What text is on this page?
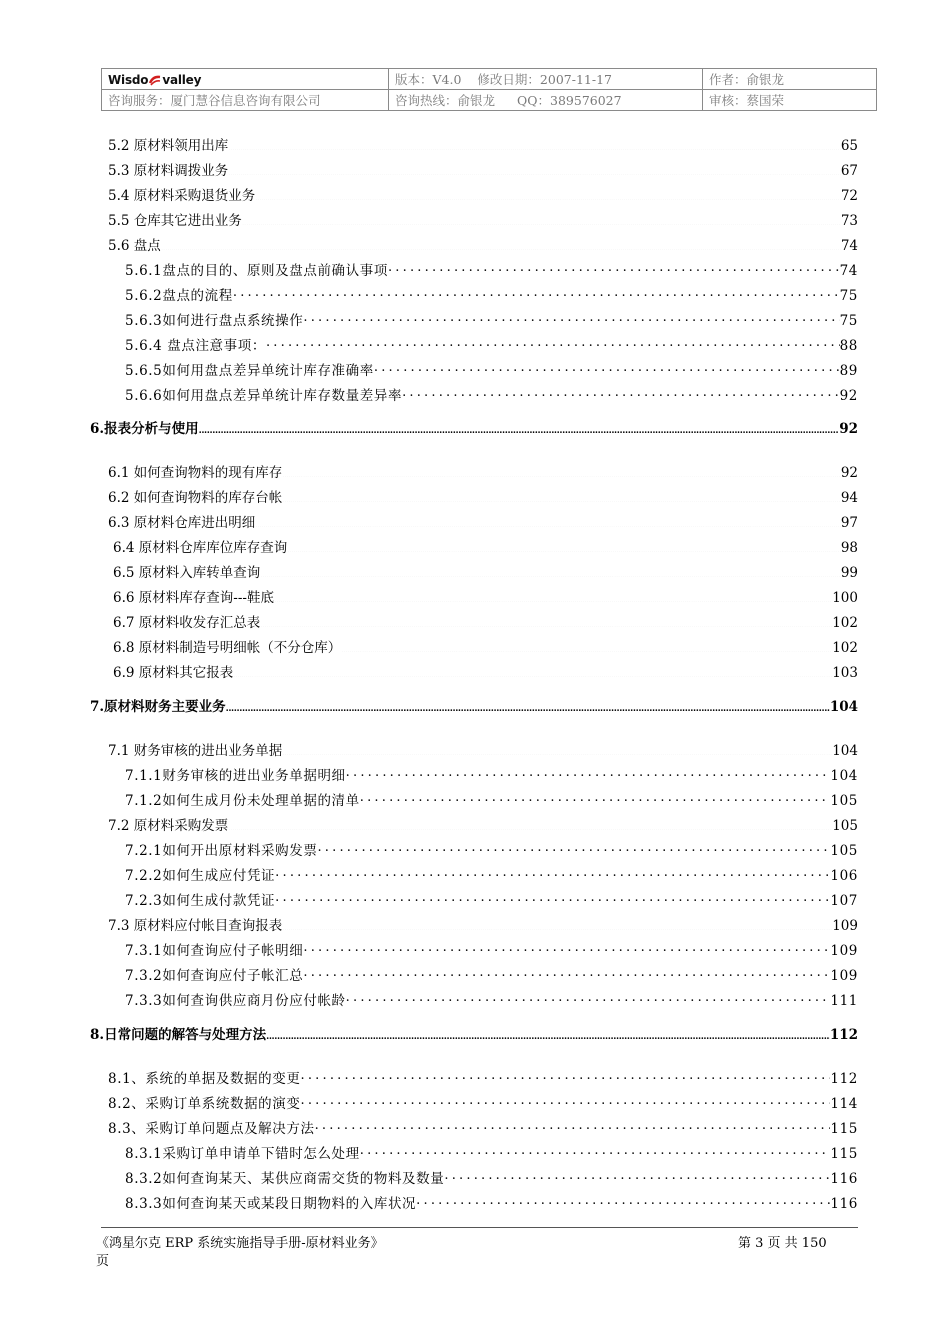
Wisdo valley	版本：V4.0 修改日期：2007-11-17	作者：俞银龙
咨询服务：厦门慧谷信息咨询有限公司	咨询热线：俞银龙 QQ：389576027	审核：蔡国荣
5.2 原材料领用出库 .....	65
5.3 原材料调拨业务 .....	67
5.4 原材料采购退货业务 .....	72
5.5 仓库其它进出业务 .....	73
5.6 盘点 .....	74
5.6.1盘点的目的、原则及盘点前确认事项 .....	74
5.6.2盘点的流程 .....	75
5.6.3如何进行盘点系统操作 .....	75
5.6.4 盘点注意事项： .....	88
5.6.5如何用盘点差异单统计库存准确率 .....	89
5.6.6如何用盘点差异单统计库存数量差异率 .....	92
6.报表分析与使用 .....	92
6.1 如何查询物料的现有库存 .....	92
6.2 如何查询物料的库存台帐 .....	94
6.3 原材料仓库进出明细 .....	97
6.4 原材料仓库库位库存查询 .....	98
6.5 原材料入库转单查询 .....	99
6.6 原材料库存查询---鞋底 .....	100
6.7 原材料收发存汇总表 .....	102
6.8 原材料制造号明细帐（不分仓库） .....	102
6.9 原材料其它报表 .....	103
7.原材料财务主要业务 .....	104
7.1 财务审核的进出业务单据 .....	104
7.1.1财务审核的进出业务单据明细 .....	104
7.1.2如何生成月份未处理单据的清单 .....	105
7.2 原材料采购发票 .....	105
7.2.1如何开出原材料采购发票 .....	105
7.2.2如何生成应付凭证 .....	106
7.2.3如何生成付款凭证 .....	107
7.3 原材料应付帐目查询报表 .....	109
7.3.1如何查询应付子帐明细 .....	109
7.3.2如何查询应付子帐汇总 .....	109
7.3.3如何查询供应商月份应付帐龄 .....	111
8.日常问题的解答与处理方法 .....	112
8.1、系统的单据及数据的变更 .....	112
8.2、采购订单系统数据的演变 .....	114
8.3、采购订单问题点及解决方法 .....	115
8.3.1采购订单申请单下错时怎么处理 .....	115
8.3.2如何查询某天、某供应商需交货的物料及数量 .....	116
8.3.3如何查询某天或某段日期物料的入库状况 .....	116
《鸿星尔克 ERP 系统实施指导手册-原材料业务》	第 3 页 共 150
页
